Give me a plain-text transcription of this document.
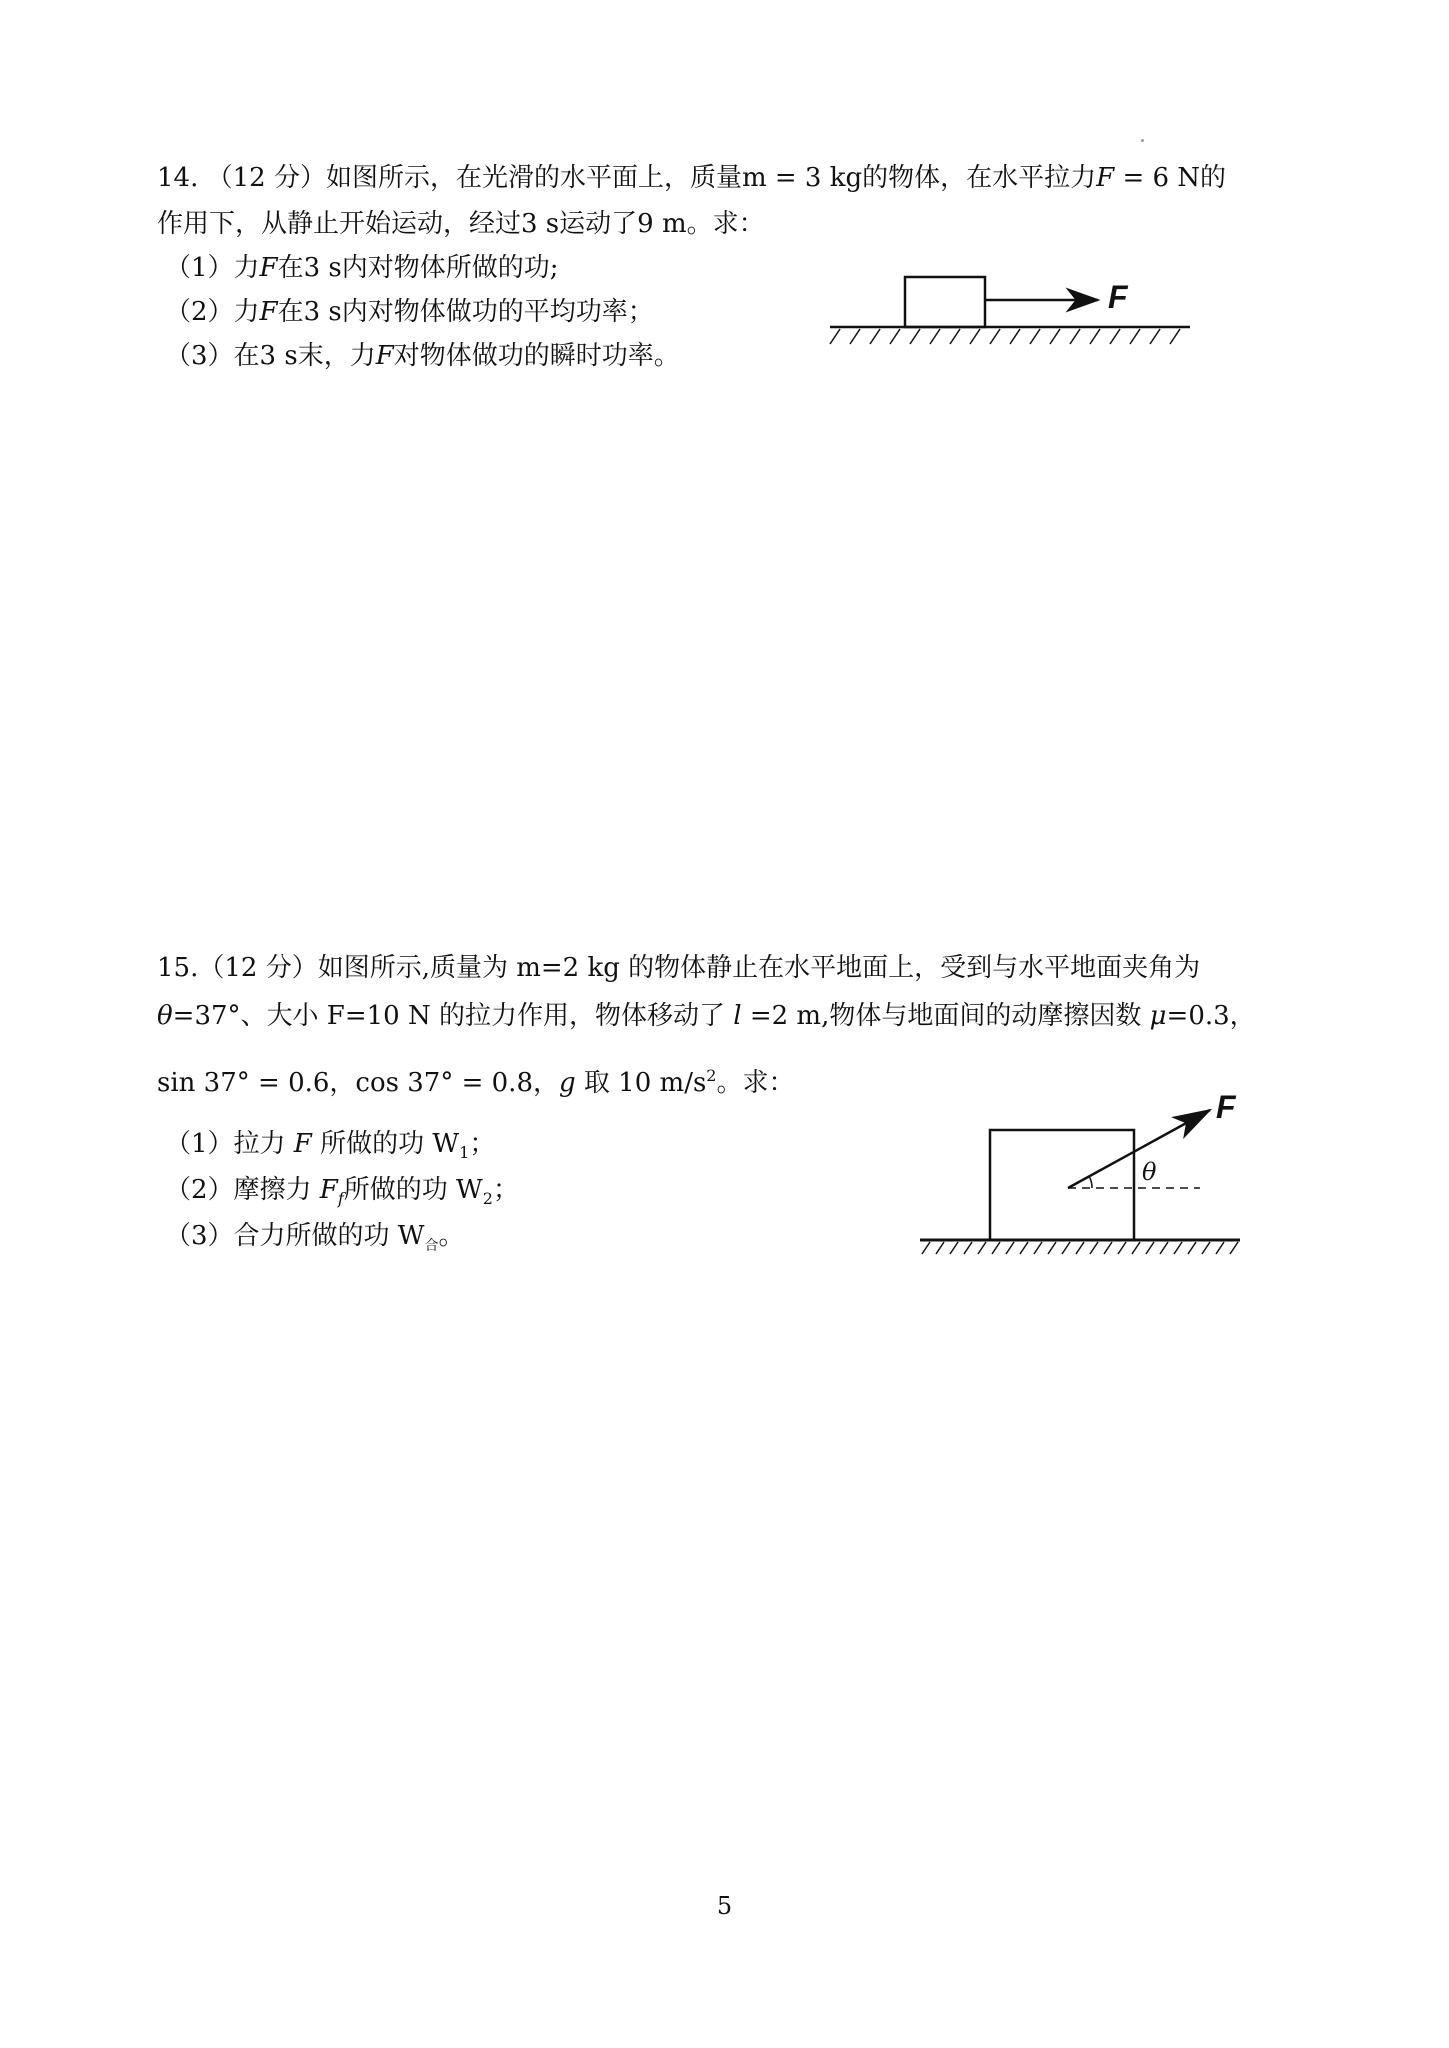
14. （12 分）如图所示，在光滑的水平面上，质量m = 3 kg的物体，在水平拉力F = 6 N的
作用下，从静止开始运动，经过3 s运动了9 m。求：
（1）力F在3 s内对物体所做的功;
（2）力F在3 s内对物体做功的平均功率；
（3）在3 s末，力F对物体做功的瞬时功率。
F
15.（12 分）如图所示,质量为 m=2 kg 的物体静止在水平地面上，受到与水平地面夹角为
θ=37°、大小 F=10 N 的拉力作用，物体移动了 l =2 m,物体与地面间的动摩擦因数 μ=0.3，
sin 37° = 0.6，cos 37° = 0.8，g 取 10 $m/s^2$。求：
（1）拉力 F 所做的功 $W_1$；
（2）摩擦力 $F_f$所做的功 $W_2$；
（3）合力所做的功 $W_合$。
θ
F
5
